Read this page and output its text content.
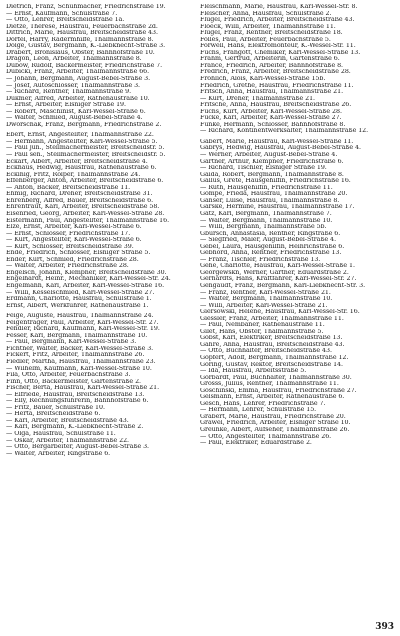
Dietrich, Franz, Schuhmacher, Friedrichstraße 19.
— Ernst, Kaufmann, Schulstraße 7.
— Otto, Lehrer, Breitscheidstraße 1a.
Dietze, Therese, Hausfrau, Feuerbachstraße 2d.
Dittrich, Marie, Hausfrau, Breitscheidstraße 43.
Dörfel, Harry, Rädermhilfe, Thälmannstraße 8.
Dolge, Gustav, Bergmann, K.-Liebknecht-Straße 3.
Drabert, Bronislaus, Obster, Bahnhofstraße 10.
Dragon, Leon, Arbeiter, Thälmannstraße 8.
Dubow, Rudolf, Bäckermeister, Friedrichstraße 7.
Dubicki, Franz, Arbeiter, Thälmannstraße 66.
— Johann, Bergmann, August-Bebel-Straße 3.
— Josef, Autoschlosser, Thälmannstraße 3.
— Richard, Rentner, Thälmannstraße 9.
Dükmer, Alfred, Arbeiter, Rathenaustraße 10.
— Ernst, Arbeiter, Elsniger Straße 19.
— Robert, Maschinist, Karl-Wessel-Straße 6.
— Walter, Schmied, August-Bebel-Straße 4.
Dworschak, Franz, Bergmann, Friedrichstraße 2.
Ebert, Ernst, Angestellter, Thälmannstraße 22.
— Hermann, Angestellter, Karl-Wessel-Straße 5.
— Paul jun., Stellmachermeister, Breitscheidstr. 5.
— Paul sen., Stellmachermeister, Breitscheidstr. 5.
Eckart, Albert, Arbeiter, Breitscheidstraße 4.
Eckhaus, Hedwig, Hausfrau, Rathenaustraße 6.
Eckinig, Fritz, Rolper, Thälmannstraße 24.
Effenberger, Anton, Arbeiter, Breitscheidstraße 6.
— Anton, Bäcker, Breitscheidstraße 11.
Ehmig, Richard, Dreher, Breitscheidstraße 31.
Ehrenberg, Alfred, Bauer, Breitscheidstraße 6.
Ehrentraut, Karl, Arbeiter, Breitscheidstraße 58.
Eisenried, Georg, Arbeiter, Karl-Wessel-Straße 28.
Eistermann, Paul, Angestellter, Thälmannstraße 16.
Elze, Ernst, Arbeiter, Karl-Wessel-Straße 6.
— Ernst, Schlosser, Friedrichstraße 17.
— Kurt, Angestellter, Karl-Wessel-Straße 6.
— Kurt, Schlosser, Breitscheidstraße 39.
Ende, Friedrich, Schlosser, Elsniger Straße 5.
Ender, Kurt, Schmied, Friedrichstraße 28.
— Walter, Arbeiter, Friedrichstraße 28.
Engelsch, Johann, Klempner, Breitscheidstraße 30.
Engelhardt, Heinr., Mechaniker, Karl-Wessel-Str. 24.
Engelmann, Karl, Arbeiter, Karl-Wessel-Straße 16.
— Willi, Kesselschmied, Karl-Wessel-Straße 27.
Erdmann, Charlotte, Hausfrau, Schulstraße 1.
Ernst, Albert, Werkführer, Rathenaustraße 1.
Feige, Auguste, Hausfrau, Thälmannstraße 24.
Feigentrager, Paul, Arbeiter, Karl-Wessel-Str. 27.
Fendler, Richard, Kaufmann, Karl-Wessel-Str. 19.
Fesser, Karl, Bergmann, Thälmannstraße 10.
— Paul, Bergmann, Karl-Wessel-Straße 3.
Fichtner, Walter, Bäcker, Karl-Wessel-Straße 3.
Fickert, Fritz, Arbeiter, Thälmannstraße 26.
Fiedler, Martha, Hausfrau, Thälmannstraße 23.
— Wilhelm, Kaufmann, Karl-Wessel-Straße 10.
Fila, Otto, Arbeiter, Feuerbachstraße 3.
Finn, Otto, Bäckermeister, Gartenstraße 2.
Fischer, Berta, Hausfrau, Karl-Wessel-Straße 21.
— Elfriede, Hausfrau, Breitscheidstraße 13.
— Elly, Rechnungsführerin, Bahnhofstraße 6.
— Fritz, Bauer, Schulstraße 10.
— Herta, Breitscheidstraße 6.
— Karl, Arbeiter, Breitscheidstraße 43.
— Karl, Bergmann, K.-Liebknecht-Straße 2.
— Olga, Hausfrau, Schulstraße 11.
— Oskar, Arbeiter, Thälmannstraße 22.
— Otto, Bergarbeiter, August-Bebel-Straße 3.
— Walter, Arbeiter, Ringstraße 6.
Fleischmann, Marie, Hausfrau, Karl-Wessel-Str. 8.
Fleischer, Anna, Hausfrau, Schulstraße 2.
Flügel, Friedrich, Arbeiter, Breitscheidstraße 43.
Floeck, Willi, Arbeiter, Thälmannstraße 11.
Flügel, Franz, Rentner, Breitscheidstraße 18.
Folles, Paul, Arbeiter, Feuerbachstraße 5.
Forwell, Hans, Elektromonteur, K.-Wessel-Str. 11.
Fuchs, Frangott, Chemiker, Karl-Wessel-Straße 13.
Frahm, Gertrud, Arbeiterin, Gartenstraße 6.
France, Friedrich, Arbeiter, Bahnhofstraße 8.
Fredrich, Franz, Arbeiter, Breitscheidstraße 28.
Fröhlich, Alois, Karl-Wessel-Straße 15b.
Friedrich, Grethe, Hausfrau, Friedrichstraße 11.
Fritsch, Anna, Hausfrau, Thälmannstraße 21.
— Kurt, Dreher, Thälmannstraße 21.
Fritsche, Anna, Hausfrau, Breitscheidstraße 26.
Fuchs, Kurt, Arbeiter, Karl-Wessel-Straße 28.
Fucke, Karl, Arbeiter, Karl-Wessel-Straße 27.
Funke, Hermann, Schlosser, Bahnhofstraße 8.
— Richard, Kontinentwerksalter, Thälmannstraße 12.
Gabert, Marie, Hausfrau, Karl-Wessel-Straße 11.
Gabrys, Hedwig, Hausfrau, August-Bebel-Straße 4.
— Werner, Arbeiter, August-Bebel-Straße 4.
Gärtner, Arthur, Klempner, Friedrichstraße 6.
— Richard, Tischler, Elsniger Straße 19.
Gaida, Robert, Bergmann, Thälmannstraße 8.
Gallus, Grete, Hausgehilfin, Friedrichstraße 16.
— Ruth, Hausgehilfin, Friedrichstraße 11.
Gompe, Frieda, Hausfrau, Thälmannstraße 20.
Ganser, Luise, Hausfrau, Thälmannstraße 8.
Garske, Hermine, Hausfrau, Thälmannstraße 17.
Gatz, Karl, Bergmann, Thälmannstraße 7.
— Walter, Bergmann, Thälmannstraße 10.
— Willi, Bergmann, Thälmannstraße 5b.
Gbursch, Annastasia, Rentner, Ringstraße 6.
— Siegfried, Maler, August-Bebel-Straße 4.
Gebel, Laura, Hausgehilfin, Heinrichstraße 6.
Gebhord, Anna, Rentner, Friedrichstraße 13.
— Franz, Tischler, Friedrichstraße 13.
Gehe, Charlotte, Hausfrau, Karl-Wessel-Straße 1.
Georgewskn, Werner, Gärtner, Eduardstraße 2.
Gerhardts, Hans, Kraftfahrer, Karl-Wessel-Str. 27.
Gengaudt, Franz, Bergmann, Karl-Liebknecht-Str. 3.
— Franz, Rentner, Karl-Wessel-Straße 21.
— Walter, Bergmann, Thälmannstraße 10.
— Willi, Arbeiter, Karl-Wessel-Straße 21.
Giersowski, Helene, Hausfrau, Karl-Wessel-Str. 16.
Giessler, Franz, Arbeiter, Thälmannstraße 11.
— Paul, Nembaner, Rathenaustraße 11.
Gilet, Hans, Obster, Thälmannstraße 5.
Gobst, Karl, Elektriker, Breitscheidstraße 13.
Gähre, Anna, Hausfrau, Breitscheidstraße 43.
— Otto, Buchhalter, Breitscheidstraße 43.
Göpfert, Adolf, Bergmann, Thälmannstraße 12.
Göring, Gustav, Rektor, Breitscheidstraße 14.
— Ida, Hausfrau, Arbeitsstraße 5.
Görbardt, Paul, Buchhalter, Thälmannstraße 30.
Grosss, Julius, Rentner, Thälmannstraße 11.
Goschinski, Emma, Hausfrau, Friedrichstraße 27.
Gelsmann, Ernst, Arbeiter, Rathenaustraße 6.
Gesch, Hans, Lehrer, Friedrichstraße 7.
— Hermann, Lehrer, Schulstraße 15.
Grabert, Marie, Hausfrau, Friedrichstraße 20.
Gräwel, Friedrich, Arbeiter, Elsniger Straße 10.
Greunke, Albert, Aufseher, Thälmannstraße 26.
— Otto, Angestellter, Thälmannstraße 26.
— Paul, Elektriker, Eduardstraße 2.
393
